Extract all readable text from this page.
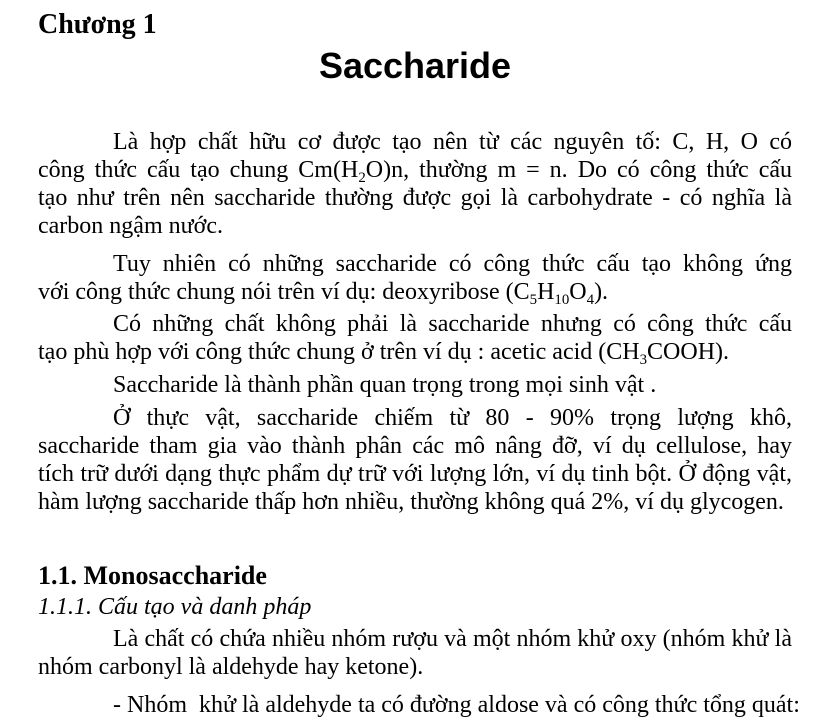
Chương 1
Saccharide
Là hợp chất hữu cơ được tạo nên từ các nguyên tố: C, H, O có
công thức cấu tạo chung $Cm(H_2O)n$, thường m = n. Do có công thức cấu
tạo như trên nên saccharide thường được gọi là carbohydrate - có nghĩa là
carbon ngậm nước.
Tuy nhiên có những saccharide có công thức cấu tạo không ứng
với công thức chung nói trên ví dụ: deoxyribose $(C_5H_{10}O_4)$.
Có những chất không phải là saccharide nhưng có công thức cấu
tạo phù hợp với công thức chung ở trên ví dụ : acetic acid $(CH_3COOH)$.
Saccharide là thành phần quan trọng trong mọi sinh vật .
Ở thực vật, saccharide chiếm từ 80 - 90% trọng lượng khô,
saccharide tham gia vào thành phân các mô nâng đỡ, ví dụ cellulose, hay
tích trữ dưới dạng thực phẩm dự trữ với lượng lớn, ví dụ tinh bột. Ở động vật,
hàm lượng saccharide thấp hơn nhiều, thường không quá 2%, ví dụ glycogen.
1.1. Monosaccharide
1.1.1. Cấu tạo và danh pháp
Là chất có chứa nhiều nhóm rượu và một nhóm khử oxy (nhóm khử là
nhóm carbonyl là aldehyde hay ketone).
- Nhóm  khử là aldehyde ta có đường aldose và có công thức tổng quát:
